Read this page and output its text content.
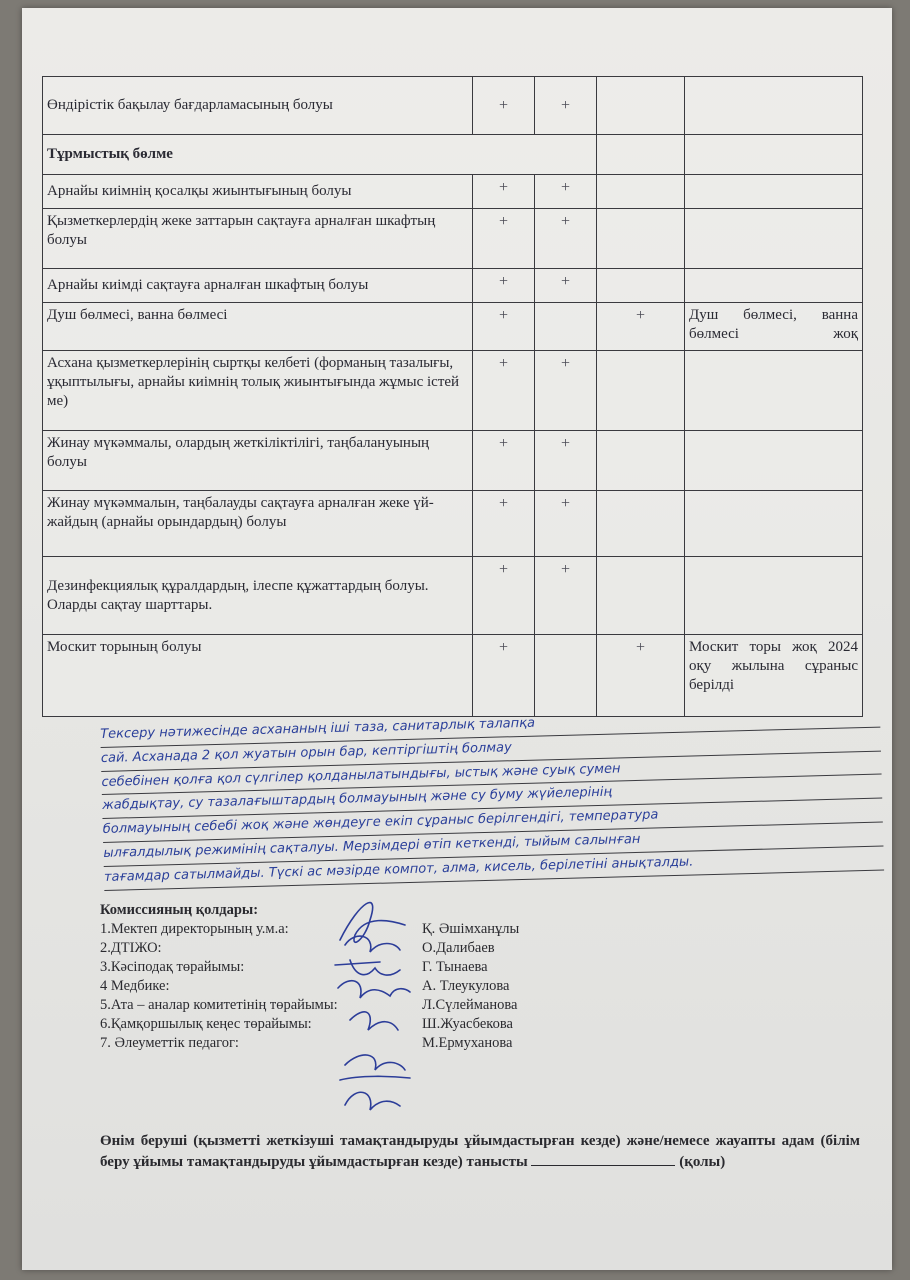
Өндірістік бақылау бағдарламасының болуы	+	+		
Тұрмыстық бөлме				
Арнайы киімнің қосалқы жиынтығының болуы	+	+		
Қызметкерлердің жеке заттарын сақтауға арналған шкафтың болуы	+	+		
Арнайы киімді сақтауға арналған шкафтың болуы	+	+		
Душ бөлмесі, ванна бөлмесі	+		+	Душ бөлмесі, ванна бөлмесі жоқ
Асхана қызметкерлерінің сыртқы келбеті (форманың тазалығы, ұқыптылығы, арнайы киімнің толық жиынтығында жұмыс істей ме)	+	+		
Жинау мүкәммалы, олардың жеткіліктілігі, таңбалануының болуы	+	+		
Жинау мүкәммалын, таңбалауды сақтауға арналған жеке үй-жайдың (арнайы орындардың) болуы	+	+		
Дезинфекциялық құралдардың, ілеспе құжаттардың болуы. Оларды сақтау шарттары.	+	+		
Москит торының болуы	+		+	Москит торы жоқ 2024 оқу жылына сұраныс берілді
Тексеру нәтижесінде асхананың іші таза, санитарлық талапқа
сай. Асханада 2 қол жуатын орын бар, кептіргіштің болмау
себебінен қолға қол сүлгілер қолданылатындығы, ыстық және суық сумен
жабдықтау, су тазалағыштардың болмауының және су буму жүйелерінің
болмауының себебі жоқ және жөндеуге екіп сұраныс берілгендігі, температура
ылғалдылық режимінің сақталуы. Мерзімдері өтіп кеткенді, тыйым салынған
тағамдар сатылмайды. Түскі ас мәзірде компот, алма, кисель, берілетіні анықталды.
Комиссияның қолдары:
1.Мектеп директорының у.м.а:	Қ. Әшімханұлы
2.ДТІЖО:	О.Далибаев
3.Кәсіподақ төрайымы:	Г. Тынаева
4 Медбике:	А. Тлеукулова
5.Ата – аналар комитетінің төрайымы:	Л.Сүлейманова
6.Қамқоршылық кеңес төрайымы:	Ш.Жуасбекова
7. Әлеуметтік педагог:	М.Ермуханова
Өнім беруші (қызметті жеткізуші тамақтандыруды ұйымдастырған кезде) және/немесе жауапты адам (білім беру ұйымы тамақтандыруды ұйымдастырған кезде) танысты	(қолы)
